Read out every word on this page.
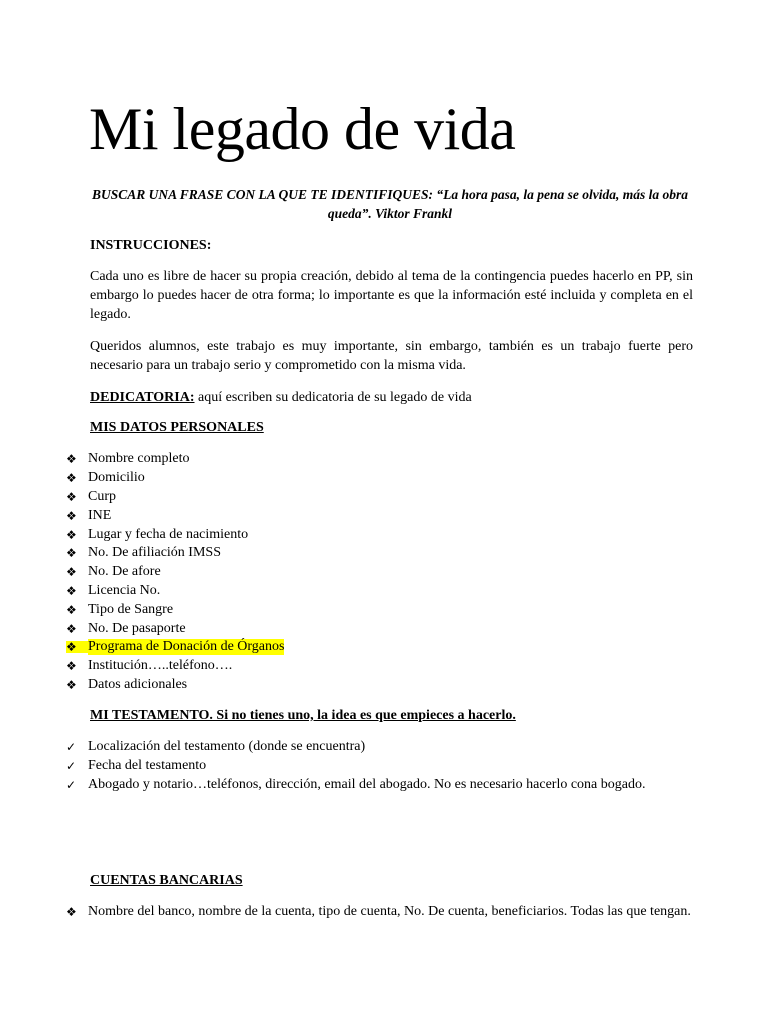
Mi legado de vida

BUSCAR UNA FRASE CON LA QUE TE IDENTIFIQUES: “La hora pasa, la pena se olvida, más la obra queda”. Viktor Frankl

INSTRUCCIONES:

Cada uno es libre de hacer su propia creación, debido al tema de la contingencia puedes hacerlo en PP, sin embargo lo puedes hacer de otra forma; lo importante es que la información esté incluida y completa en el legado.

Queridos alumnos, este trabajo es muy importante, sin embargo, también es un trabajo fuerte pero necesario para un trabajo serio y comprometido con la misma vida.

DEDICATORIA: aquí escriben su dedicatoria de su legado de vida

MIS DATOS PERSONALES

❖ Nombre completo
❖ Domicilio
❖ Curp
❖ INE
❖ Lugar y fecha de nacimiento
❖ No. De afiliación IMSS
❖ No. De afore
❖ Licencia No.
❖ Tipo de Sangre
❖ No. De pasaporte
❖ Programa de Donación de Órganos
❖ Institución…..teléfono….
❖ Datos adicionales

MI TESTAMENTO. Si no tienes uno, la idea es que empieces a hacerlo.

✓ Localización del testamento (donde se encuentra)
✓ Fecha del testamento
✓ Abogado y notario…teléfonos, dirección, email del abogado. No es necesario hacerlo cona bogado.

CUENTAS BANCARIAS

❖ Nombre del banco, nombre de la cuenta, tipo de cuenta, No. De cuenta, beneficiarios. Todas las que tengan.
